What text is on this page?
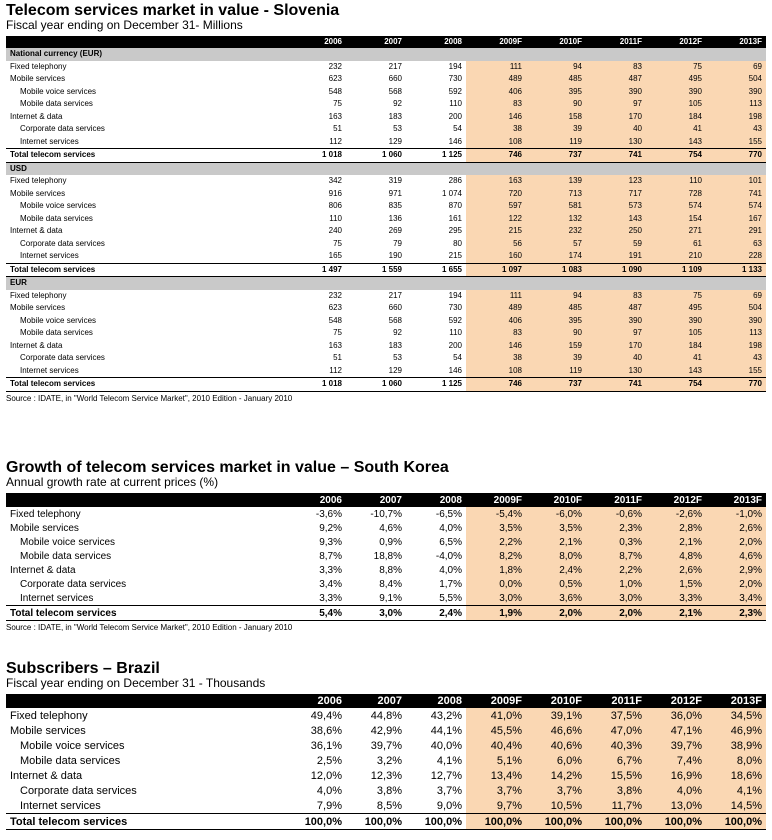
Telecom services market in value - Slovenia
Fiscal year ending on December 31- Millions
	2006	2007	2008	2009F	2010F	2011F	2012F	2013F
National currency (EUR)								
Fixed telephony	232	217	194	111	94	83	75	69
Mobile services	623	660	730	489	485	487	495	504
Mobile voice services	548	568	592	406	395	390	390	390
Mobile data services	75	92	110	83	90	97	105	113
Internet & data	163	183	200	146	158	170	184	198
Corporate data services	51	53	54	38	39	40	41	43
Internet services	112	129	146	108	119	130	143	155
Total telecom services	1 018	1 060	1 125	746	737	741	754	770
USD								
Fixed telephony	342	319	286	163	139	123	110	101
Mobile services	916	971	1 074	720	713	717	728	741
Mobile voice services	806	835	870	597	581	573	574	574
Mobile data services	110	136	161	122	132	143	154	167
Internet & data	240	269	295	215	232	250	271	291
Corporate data services	75	79	80	56	57	59	61	63
Internet services	165	190	215	160	174	191	210	228
Total telecom services	1 497	1 559	1 655	1 097	1 083	1 090	1 109	1 133
EUR								
Fixed telephony	232	217	194	111	94	83	75	69
Mobile services	623	660	730	489	485	487	495	504
Mobile voice services	548	568	592	406	395	390	390	390
Mobile data services	75	92	110	83	90	97	105	113
Internet & data	163	183	200	146	159	170	184	198
Corporate data services	51	53	54	38	39	40	41	43
Internet services	112	129	146	108	119	130	143	155
Total telecom services	1 018	1 060	1 125	746	737	741	754	770
Source : IDATE, in "World Telecom Service Market", 2010 Edition - January 2010
Growth of telecom services market in value – South Korea
Annual growth rate at current prices (%)
	2006	2007	2008	2009F	2010F	2011F	2012F	2013F
Fixed telephony	-3,6%	-10,7%	-6,5%	-5,4%	-6,0%	-0,6%	-2,6%	-1,0%
Mobile services	9,2%	4,6%	4,0%	3,5%	3,5%	2,3%	2,8%	2,6%
Mobile voice services	9,3%	0,9%	6,5%	2,2%	2,1%	0,3%	2,1%	2,0%
Mobile data services	8,7%	18,8%	-4,0%	8,2%	8,0%	8,7%	4,8%	4,6%
Internet & data	3,3%	8,8%	4,0%	1,8%	2,4%	2,2%	2,6%	2,9%
Corporate data services	3,4%	8,4%	1,7%	0,0%	0,5%	1,0%	1,5%	2,0%
Internet services	3,3%	9,1%	5,5%	3,0%	3,6%	3,0%	3,3%	3,4%
Total telecom services	5,4%	3,0%	2,4%	1,9%	2,0%	2,0%	2,1%	2,3%
Source : IDATE, in "World Telecom Service Market", 2010 Edition - January 2010
Subscribers – Brazil
Fiscal year ending on December 31 - Thousands
	2006	2007	2008	2009F	2010F	2011F	2012F	2013F
Fixed telephony	49,4%	44,8%	43,2%	41,0%	39,1%	37,5%	36,0%	34,5%
Mobile services	38,6%	42,9%	44,1%	45,5%	46,6%	47,0%	47,1%	46,9%
Mobile voice services	36,1%	39,7%	40,0%	40,4%	40,6%	40,3%	39,7%	38,9%
Mobile data services	2,5%	3,2%	4,1%	5,1%	6,0%	6,7%	7,4%	8,0%
Internet & data	12,0%	12,3%	12,7%	13,4%	14,2%	15,5%	16,9%	18,6%
Corporate data services	4,0%	3,8%	3,7%	3,7%	3,7%	3,8%	4,0%	4,1%
Internet services	7,9%	8,5%	9,0%	9,7%	10,5%	11,7%	13,0%	14,5%
Total telecom services	100,0%	100,0%	100,0%	100,0%	100,0%	100,0%	100,0%	100,0%
